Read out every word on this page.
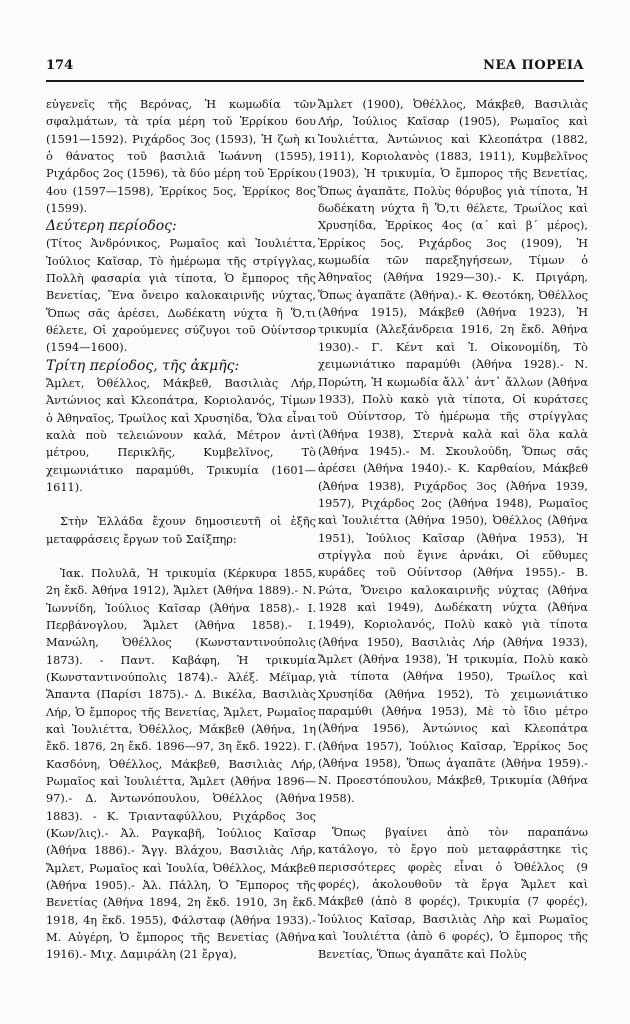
174	ΝΕΑ ΠΟΡΕΙΑ

εὐγενεῖς τῆς Βερόνας, Ἡ κωμωδία τῶν σφαλμάτων, τὰ τρία μέρη τοῦ Ἑρρίκου 6ου (1591—1592). Ριχάρδος 3ος (1593), Ἡ ζωὴ κι ὁ θάνατος τοῦ βασιλιᾶ Ἰωάννη (1595), Ριχάρδος 2ος (1596), τὰ δύο μέρη τοῦ Ἑρρίκου 4ου (1597—1598), Ἑρρίκος 5ος, Ἑρρίκος 8ος (1599).

Δεύτερη περίοδος:

(Τίτος Ἀνδρόνικος, Ρωμαῖος καὶ Ἰουλιέττα, Ἰούλιος Καῖσαρ, Τὸ ἡμέρωμα τῆς στρίγγλας, Πολλὴ φασαρία γιὰ τίποτα, Ὁ ἔμπορος τῆς Βενετίας, Ἕνα ὄνειρο καλοκαιρινῆς νύχτας, Ὅπως σᾶς ἀρέσει, Δωδέκατη νύχτα ἢ Ὅ,τι θέλετε, Οἱ χαρούμενες σύζυγοι τοῦ Οὐίντσορ (1594—1600).

Τρίτη περίοδος, τῆς ἀκμῆς:

Ἄμλετ, Ὀθέλλος, Μάκβεθ, Βασιλιὰς Λήρ, Ἀντώνιος καὶ Κλεοπάτρα, Κοριολανός, Τίμων ὁ Ἀθηναῖος, Τρωίλος καὶ Χρυσηίδα, Ὅλα εἶναι καλὰ ποὺ τελειώνουν καλά, Μέτρον ἀντὶ μέτρου, Περικλῆς, Κυμβελῖνος, Τὸ χειμωνιάτικο παραμύθι, Τρικυμία (1601—1611).

Στὴν Ἑλλάδα ἔχουν δημοσιευτῆ οἱ ἑξῆς μεταφράσεις ἔργων τοῦ Σαίξπηρ:

Ἰακ. Πολυλᾶ, Ἡ τρικυμία (Κέρκυρα 1855, 2η ἔκδ. Ἀθήνα 1912), Ἄμλετ (Ἀθήνα 1889).- Ν. Ἰωννίδη, Ἰούλιος Καῖσαρ (Ἀθήνα 1858).- Ι. Περβάνογλου, Ἄμλετ (Ἀθήνα 1858).- Ι. Μανώλη, Ὀθέλλος (Κωνσταντινούπολις 1873). - Παντ. Καβάφη, Ἡ τρικυμία (Κωνσταντινούπολις 1874).- Ἀλέξ. Μέϊμαρ, Ἅπαντα (Παρίσι 1875).- Δ. Βικέλα, Βασιλιὰς Λήρ, Ὁ ἔμπορος τῆς Βενετίας, Ἄμλετ, Ρωμαῖος καὶ Ἰουλιέττα, Ὀθέλλος, Μάκβεθ (Ἀθήνα, 1η ἔκδ. 1876, 2η ἔκδ. 1896—97, 3η ἔκδ. 1922). Γ. Κασδόνη, Ὀθέλλος, Μάκβεθ, Βασιλιὰς Λήρ, Ρωμαῖος καὶ Ἰουλιέττα, Ἄμλετ (Ἀθήνα 1896—97).- Δ. Ἀντωνόπουλου, Ὀθέλλος (Ἀθήνα 1883). - Κ. Τριανταφύλλου, Ριχάρδος 3ος (Κων/λις).- Ἀλ. Ραγκαβῆ, Ἰούλιος Καῖσαρ (Ἀθήνα 1886).- Ἄγγ. Βλάχου, Βασιλιὰς Λήρ, Ἄμλετ, Ρωμαῖος καὶ Ἰουλία, Ὀθέλλος, Μάκβεθ (Ἀθήνα 1905).- Ἀλ. Πάλλη, Ὁ Ἔμπορος τῆς Βενετίας (Ἀθήνα 1894, 2η ἔκδ. 1910, 3η ἔκδ. 1918, 4η ἔκδ. 1955), Φάλσταφ (Ἀθήνα 1933).- Μ. Αὐγέρη, Ὁ ἔμπορος τῆς Βενετίας (Ἀθήνα 1916).- Μιχ. Δαμιράλη (21 ἔργα),

Ἄμλετ (1900), Ὀθέλλος, Μάκβεθ, Βασιλιὰς Λήρ, Ἰούλιος Καῖσαρ (1905), Ρωμαῖος καὶ Ἰουλιέττα, Ἀντώνιος καὶ Κλεοπάτρα (1882, 1911), Κοριολανὸς (1883, 1911), Κυμβελῖνος (1903), Ἡ τρικυμία, Ὁ ἔμπορος τῆς Βενετίας, Ὅπως ἀγαπᾶτε, Πολὺς θόρυβος γιὰ τίποτα, Ἡ δωδέκατη νύχτα ἢ Ὅ,τι θέλετε, Τρωίλος καὶ Χρυσηίδα, Ἑρρίκος 4ος (α΄ καὶ β΄ μέρος), Ἑρρίκος 5ος, Ριχάρδος 3ος (1909), Ἡ κωμωδία τῶν παρεξηγήσεων, Τίμων ὁ Ἀθηναῖος (Ἀθήνα 1929—30).- Κ. Πριγάρη, Ὅπως ἀγαπᾶτε (Ἀθήνα).- Κ. Θεοτόκη, Ὀθέλλος (Ἀθήνα 1915), Μάκβεθ (Ἀθήνα 1923), Ἡ τρικυμία (Ἀλεξάνδρεια 1916, 2η ἔκδ. Ἀθήνα 1930).- Γ. Κέντ καὶ Ἰ. Οἰκονομίδη, Τὸ χειμωνιάτικο παραμύθι (Ἀθήνα 1928).- Ν. Πορώτη, Ἡ κωμωδία ἄλλ᾽ ἀντ᾽ ἄλλων (Ἀθήνα 1933), Πολὺ κακὸ γιὰ τίποτα, Οἱ κυράτσες τοῦ Οὐίντσορ, Τὸ ἡμέρωμα τῆς στρίγγλας (Ἀθήνα 1938), Στερνὰ καλὰ καὶ ὅλα καλὰ (Ἀθήνα 1945).- Μ. Σκουλούδη, Ὅπως σᾶς ἀρέσει (Ἀθήνα 1940).- Κ. Καρθαίου, Μάκβεθ (Ἀθήνα 1938), Ριχάρδος 3ος (Ἀθήνα 1939, 1957), Ριχάρδος 2ος (Ἀθήνα 1948), Ρωμαῖος καὶ Ἰουλιέττα (Ἀθήνα 1950), Ὀθέλλος (Ἀθήνα 1951), Ἰούλιος Καῖσαρ (Ἀθήνα 1953), Ἡ στρίγγλα ποὺ ἔγινε ἀρνάκι, Οἱ εὔθυμες κυράδες τοῦ Οὐίντσορ (Ἀθήνα 1955).- Β. Ρώτα, Ὄνειρο καλοκαιρινῆς νύχτας (Ἀθήνα 1928 καὶ 1949), Δωδέκατη νύχτα (Ἀθήνα 1949), Κοριολανός, Πολὺ κακὸ γιὰ τίποτα (Ἀθήνα 1950), Βασιλιὰς Λήρ (Ἀθήνα 1933), Ἄμλετ (Ἀθήνα 1938), Ἡ τρικυμία, Πολὺ κακὸ γιὰ τίποτα (Ἀθήνα 1950), Τρωίλος καὶ Χρυσηίδα (Ἀθήνα 1952), Τὸ χειμωνιάτικο παραμύθι (Ἀθήνα 1953), Μὲ τὸ ἴδιο μέτρο (Ἀθήνα 1956), Ἀντώνιος καὶ Κλεοπάτρα (Ἀθήνα 1957), Ἰούλιος Καῖσαρ, Ἑρρίκος 5ος (Ἀθήνα 1958), Ὅπως ἀγαπᾶτε (Ἀθήνα 1959).- Ν. Προεστόπουλου, Μάκβεθ, Τρικυμία (Ἀθήνα 1958).

Ὅπως βγαίνει ἀπὸ τὸν παραπάνω κατάλογο, τὸ ἔργο ποὺ μεταφράστηκε τὶς περισσότερες φορὲς εἶναι ὁ Ὀθέλλος (9 φορές), ἀκολουθοῦν τὰ ἔργα Ἄμλετ καὶ Μάκβεθ (ἀπὸ 8 φορές), Τρικυμία (7 φορές), Ἰούλιος Καῖσαρ, Βασιλιὰς Λὴρ καὶ Ρωμαῖος καὶ Ἰουλιέττα (ἀπὸ 6 φορές), Ὁ ἔμπορος τῆς Βενετίας, Ὅπως ἀγαπᾶτε καὶ Πολὺς
